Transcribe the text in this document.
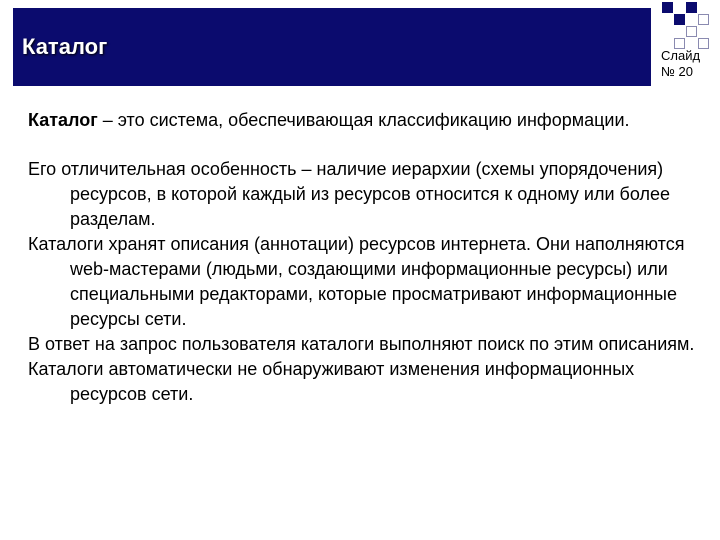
Каталог	Слайд
№ 20

Каталог – это система, обеспечивающая классификацию информации.

Его отличительная особенность – наличие иерархии (схемы упорядочения) ресурсов, в которой каждый из ресурсов относится к одному или более разделам.

Каталоги хранят описания (аннотации) ресурсов интернета. Они наполняются web-мастерами (людьми, создающими информационные ресурсы) или специальными редакторами, которые просматривают информационные ресурсы сети.

В ответ на запрос пользователя каталоги выполняют поиск по этим описаниям.

Каталоги автоматически не обнаруживают изменения информационных ресурсов сети.
